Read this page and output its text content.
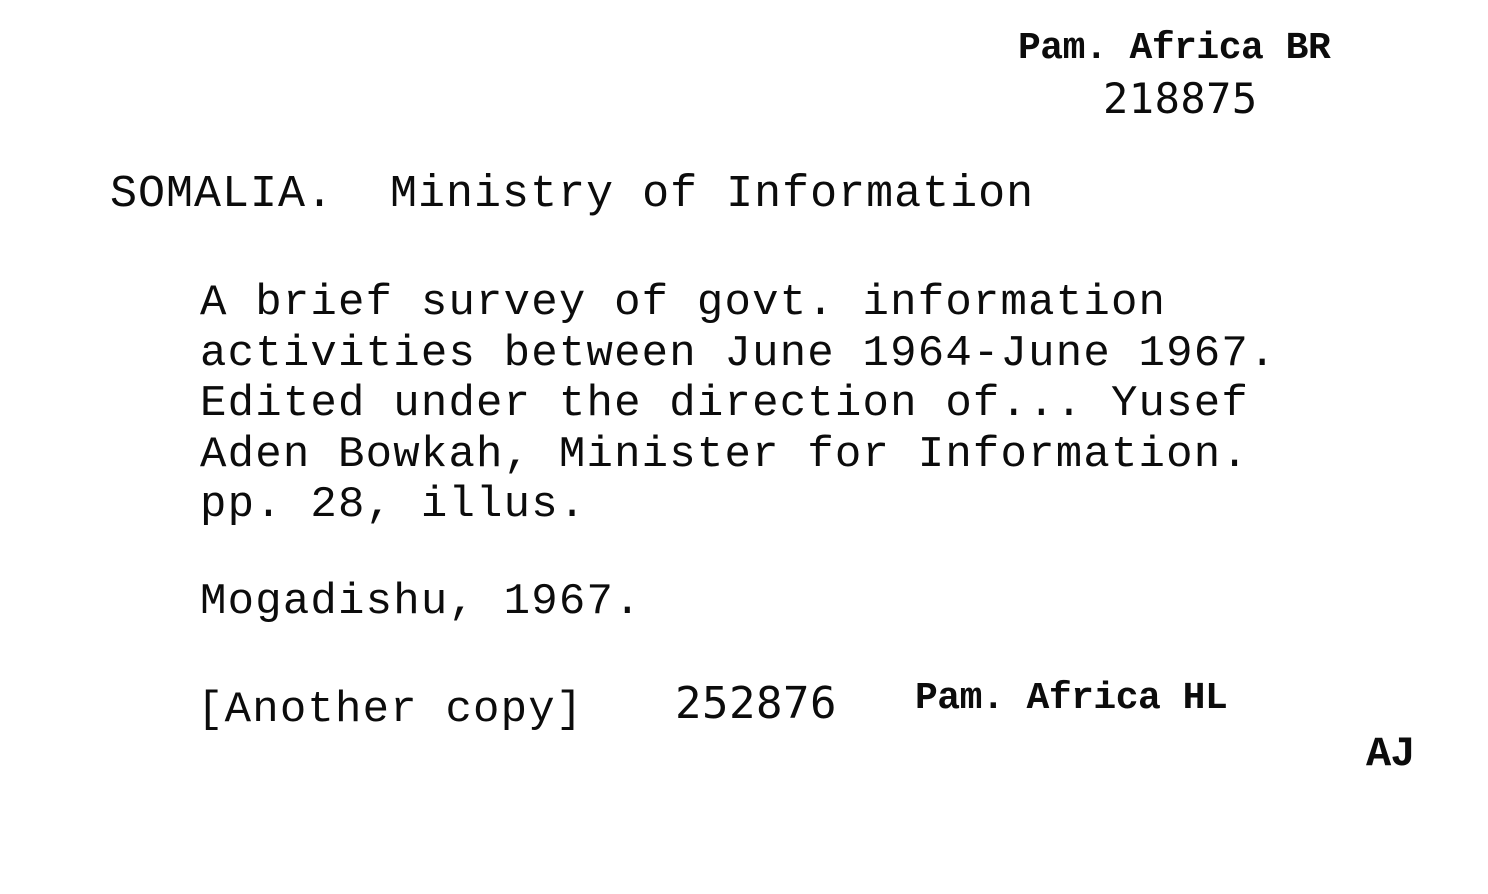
Pam. Africa BR
218875
SOMALIA.  Ministry of Information
A brief survey of govt. information
activities between June 1964-June 1967.
Edited under the direction of... Yusef
Aden Bowkah, Minister for Information.
pp. 28, illus.
Mogadishu, 1967.
[Another copy] 252876 Pam. Africa HL
AJ
